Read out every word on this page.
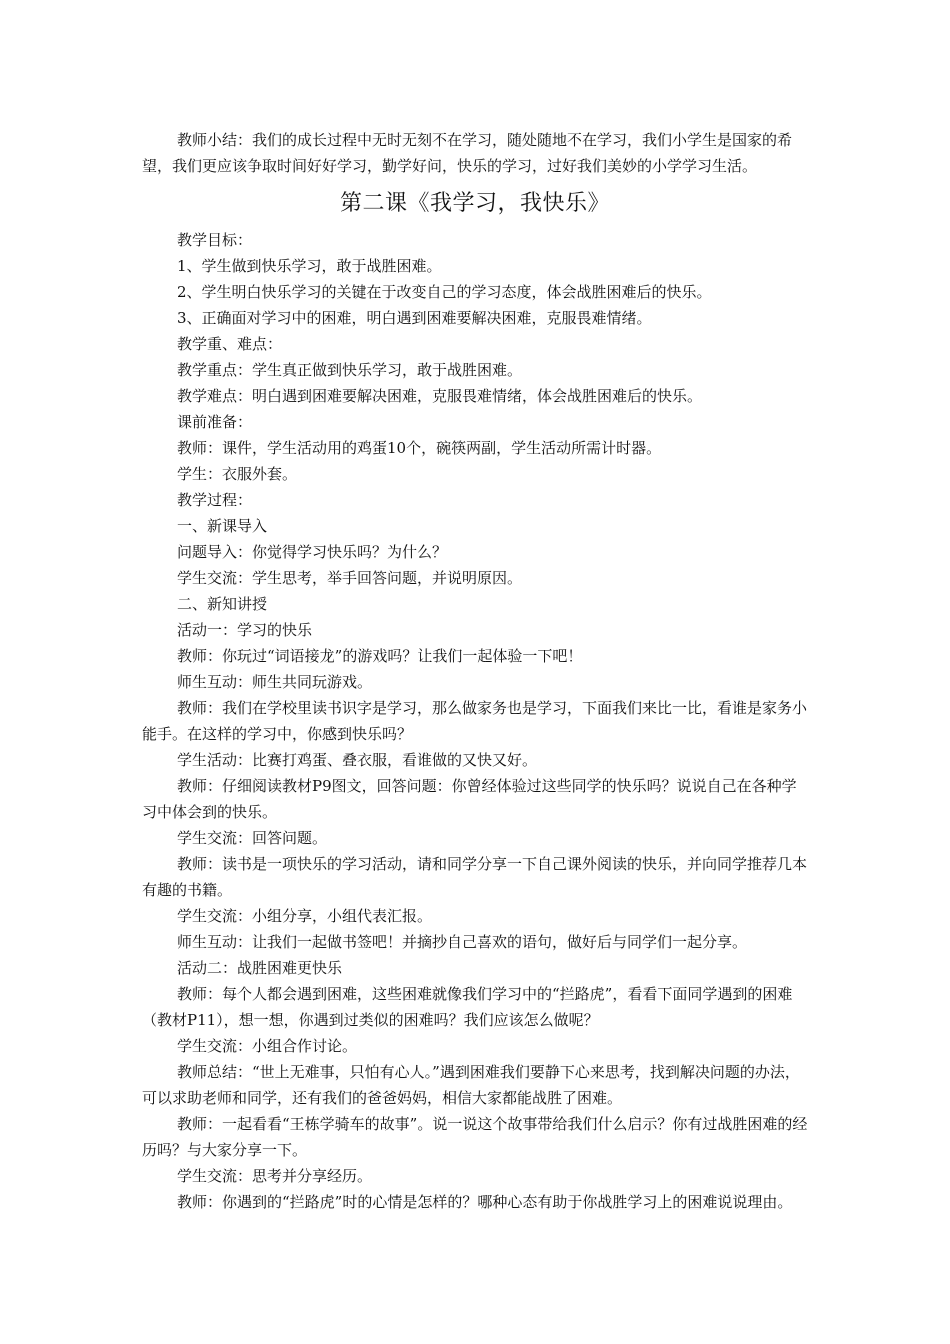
教师小结：我们的成长过程中无时无刻不在学习，随处随地不在学习，我们小学生是国家的希望，我们更应该争取时间好好学习，勤学好问，快乐的学习，过好我们美妙的小学学习生活。

第二课《我学习，我快乐》

教学目标：

1、学生做到快乐学习，敢于战胜困难。

2、学生明白快乐学习的关键在于改变自己的学习态度，体会战胜困难后的快乐。

3、正确面对学习中的困难，明白遇到困难要解决困难，克服畏难情绪。

教学重、难点：

教学重点：学生真正做到快乐学习，敢于战胜困难。

教学难点：明白遇到困难要解决困难，克服畏难情绪，体会战胜困难后的快乐。

课前准备：

教师：课件，学生活动用的鸡蛋10个，碗筷两副，学生活动所需计时器。

学生：衣服外套。

教学过程：

一、新课导入

问题导入：你觉得学习快乐吗？为什么？

学生交流：学生思考，举手回答问题，并说明原因。

二、新知讲授

活动一：学习的快乐

教师：你玩过“词语接龙”的游戏吗？让我们一起体验一下吧！

师生互动：师生共同玩游戏。

教师：我们在学校里读书识字是学习，那么做家务也是学习，下面我们来比一比，看谁是家务小能手。在这样的学习中，你感到快乐吗？

学生活动：比赛打鸡蛋、叠衣服，看谁做的又快又好。

教师：仔细阅读教材P9图文，回答问题：你曾经体验过这些同学的快乐吗？说说自己在各种学习中体会到的快乐。

学生交流：回答问题。

教师：读书是一项快乐的学习活动，请和同学分享一下自己课外阅读的快乐，并向同学推荐几本有趣的书籍。

学生交流：小组分享，小组代表汇报。

师生互动：让我们一起做书签吧！并摘抄自己喜欢的语句，做好后与同学们一起分享。

活动二：战胜困难更快乐

教师：每个人都会遇到困难，这些困难就像我们学习中的“拦路虎”，看看下面同学遇到的困难（教材P11），想一想，你遇到过类似的困难吗？我们应该怎么做呢？

学生交流：小组合作讨论。

教师总结：“世上无难事，只怕有心人。”遇到困难我们要静下心来思考，找到解决问题的办法，可以求助老师和同学，还有我们的爸爸妈妈，相信大家都能战胜了困难。

教师：一起看看“王栋学骑车的故事”。说一说这个故事带给我们什么启示？你有过战胜困难的经历吗？与大家分享一下。

学生交流：思考并分享经历。

教师：你遇到的“拦路虎”时的心情是怎样的？哪种心态有助于你战胜学习上的困难说说理由。
